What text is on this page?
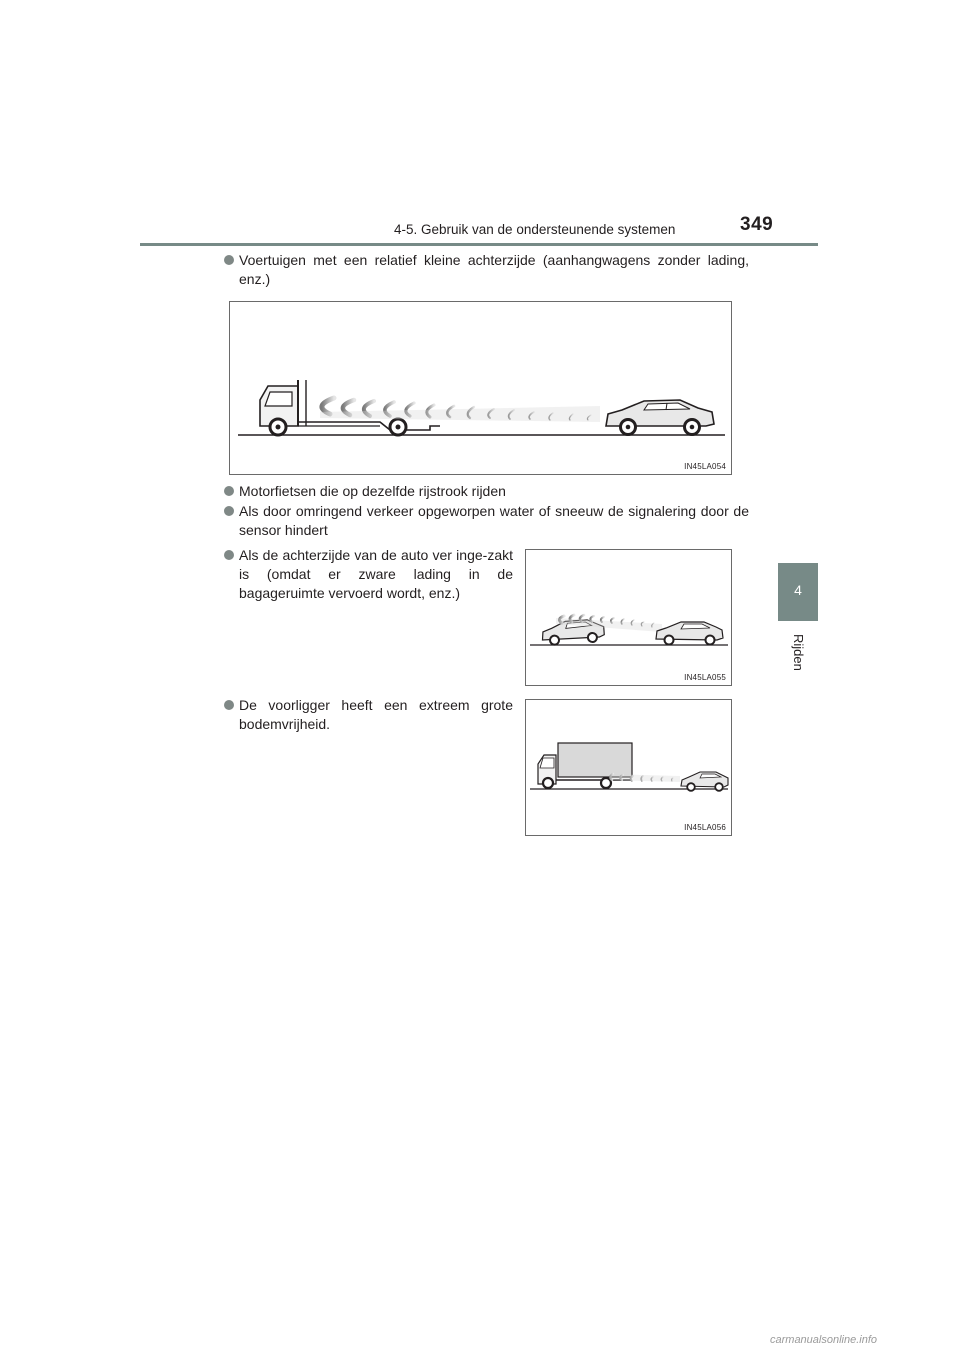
4-5. Gebruik van de ondersteunende systemen	349
4
Rijden

Voertuigen met een relatief kleine achterzijde (aanhangwagens zonder lading, enz.)

IN45LA054

Motorfietsen die op dezelfde rijstrook rijden

Als door omringend verkeer opgeworpen water of sneeuw de signalering door de sensor hindert

Als de achterzijde van de auto ver inge-zakt is (omdat er zware lading in de bagageruimte vervoerd wordt, enz.)

IN45LA055

De voorligger heeft een extreem grote bodemvrijheid.

IN45LA056
carmanualsonline.info
